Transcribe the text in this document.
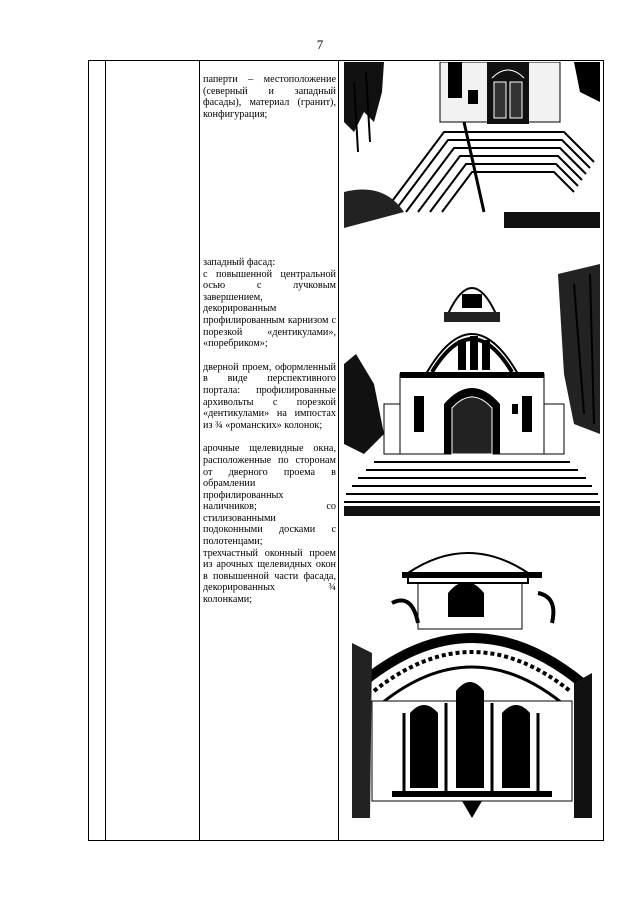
7

паперти – местоположение (северный и западный фасады), материал (гранит), конфигурация;

западный фасад:

с повышенной центральной осью с лучковым завершением, декорированным профилированным карнизом с порезкой «дентикулами», «поребриком»;

дверной проем, оформленный в виде перспективного портала: профилированные архивольты с порезкой «дентикулами» на импостах из ¾ «романских» колонок;

арочные щелевидные окна, расположенные по сторонам от дверного проема в обрамлении профилированных наличников; со стилизованными подоконными досками с полотенцами;

трехчастный оконный проем из арочных щелевидных окон в повышенной части фасада, декорированных ¾ колонками;
